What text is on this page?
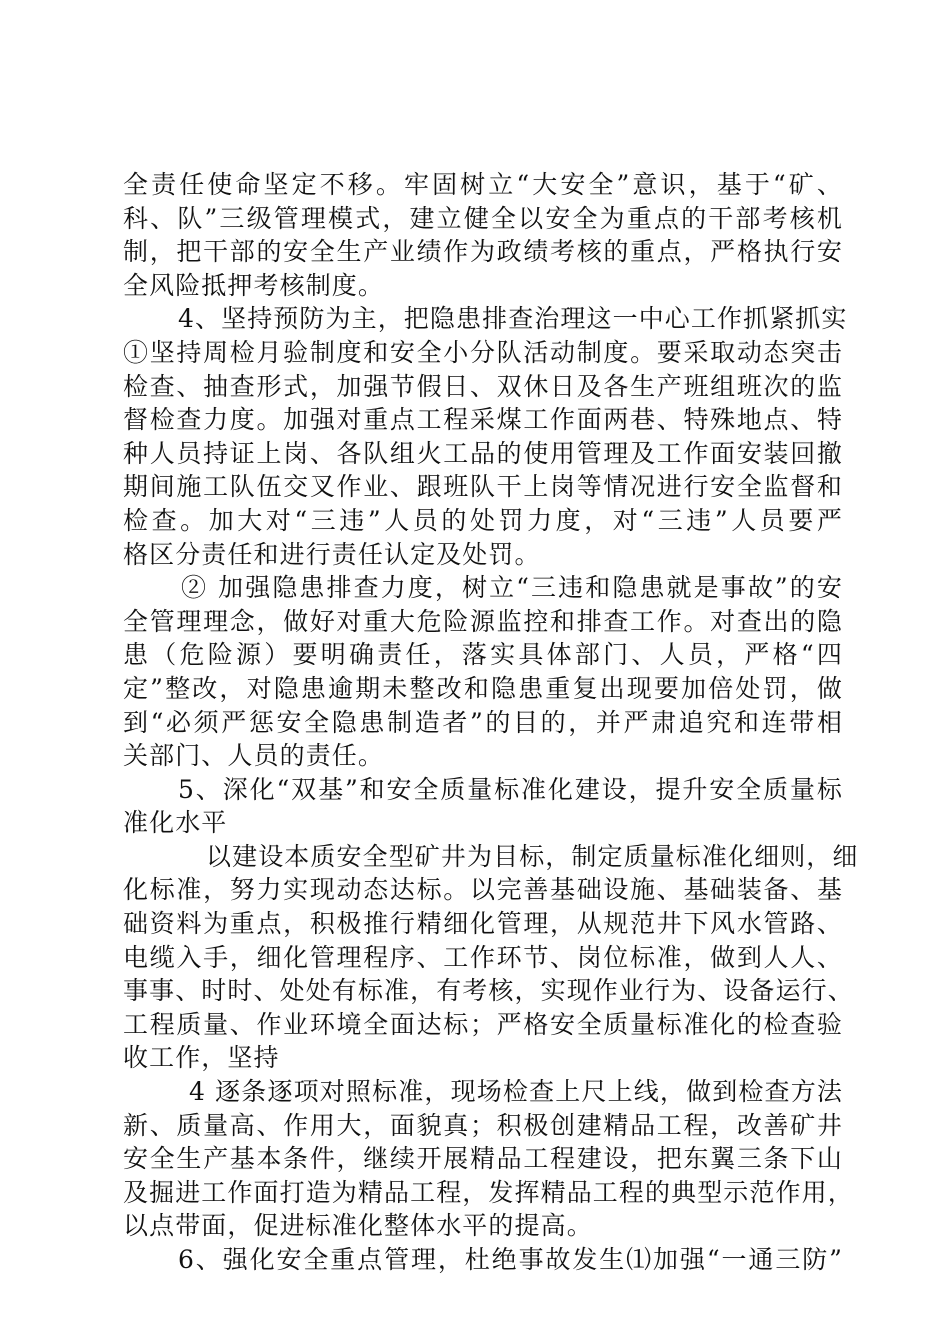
全责任使命坚定不移。牢固树立“大安全”意识，基于“矿、
科、队”三级管理模式，建立健全以安全为重点的干部考核机
制，把干部的安全生产业绩作为政绩考核的重点，严格执行安
全风险抵押考核制度。
4、坚持预防为主，把隐患排查治理这一中心工作抓紧抓实
①坚持周检月验制度和安全小分队活动制度。要采取动态突击
检查、抽查形式，加强节假日、双休日及各生产班组班次的监
督检查力度。加强对重点工程采煤工作面两巷、特殊地点、特
种人员持证上岗、各队组火工品的使用管理及工作面安装回撤
期间施工队伍交叉作业、跟班队干上岗等情况进行安全监督和
检查。加大对“三违”人员的处罚力度，对“三违”人员要严
格区分责任和进行责任认定及处罚。
② 加强隐患排查力度，树立“三违和隐患就是事故”的安
全管理理念，做好对重大危险源监控和排查工作。对查出的隐
患（危险源）要明确责任，落实具体部门、人员，严格“四
定”整改，对隐患逾期未整改和隐患重复出现要加倍处罚，做
到“必须严惩安全隐患制造者”的目的，并严肃追究和连带相
关部门、人员的责任。
5、深化“双基”和安全质量标准化建设，提升安全质量标
准化水平
以建设本质安全型矿井为目标，制定质量标准化细则，细
化标准，努力实现动态达标。以完善基础设施、基础装备、基
础资料为重点，积极推行精细化管理，从规范井下风水管路、
电缆入手，细化管理程序、工作环节、岗位标准，做到人人、
事事、时时、处处有标准，有考核，实现作业行为、设备运行、
工程质量、作业环境全面达标；严格安全质量标准化的检查验
收工作，坚持
4 逐条逐项对照标准，现场检查上尺上线，做到检查方法
新、质量高、作用大，面貌真；积极创建精品工程，改善矿井
安全生产基本条件，继续开展精品工程建设，把东翼三条下山
及掘进工作面打造为精品工程，发挥精品工程的典型示范作用，
以点带面，促进标准化整体水平的提高。
6、强化安全重点管理，杜绝事故发生⑴加强“一通三防”
